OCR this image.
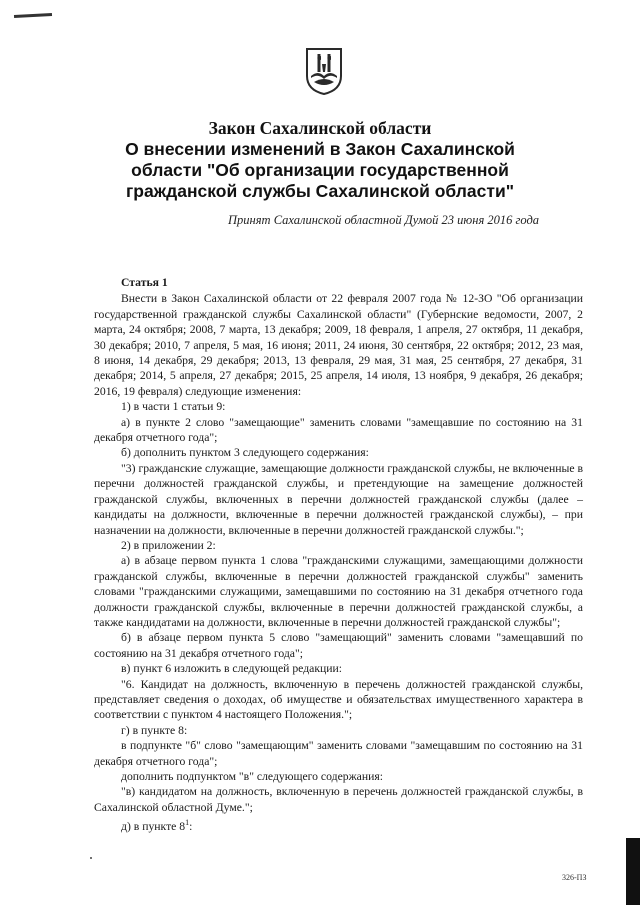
Закон Сахалинской области

О внесении изменений в Закон Сахалинской

области "Об организации государственной

гражданской службы Сахалинской области"

Принят Сахалинской областной Думой 23 июня 2016 года
Статья 1

Внести в Закон Сахалинской области от 22 февраля 2007 года № 12-ЗО "Об организации государственной гражданской службы Сахалинской области" (Губернские ведомости, 2007, 2 марта, 24 октября; 2008, 7 марта, 13 декабря; 2009, 18 февраля, 1 апреля, 27 октября, 11 декабря, 30 декабря; 2010, 7 апреля, 5 мая, 16 июня; 2011, 24 июня, 30 сентября, 22 октября; 2012, 23 мая, 8 июня, 14 декабря, 29 декабря; 2013, 13 февраля, 29 мая, 31 мая, 25 сентября, 27 декабря, 31 декабря; 2014, 5 апреля, 27 декабря; 2015, 25 апреля, 14 июля, 13 ноября, 9 декабря, 26 декабря; 2016, 19 февраля) следующие изменения:

1) в части 1 статьи 9:

а) в пункте 2 слово "замещающие" заменить словами "замещавшие по состоянию на 31 декабря отчетного года";

б) дополнить пунктом 3 следующего содержания:

"3) гражданские служащие, замещающие должности гражданской службы, не включенные в перечни должностей гражданской службы, и претендующие на замещение должностей гражданской службы, включенных в перечни должностей гражданской службы (далее – кандидаты на должности, включенные в перечни должностей гражданской службы), – при назначении на должности, включенные в перечни должностей гражданской службы.";

2) в приложении 2:

а) в абзаце первом пункта 1 слова "гражданскими служащими, замещающими должности гражданской службы, включенные в перечни должностей гражданской службы" заменить словами "гражданскими служащими, замещавшими по состоянию на 31 декабря отчетного года должности гражданской службы, включенные в перечни должностей гражданской службы, а также кандидатами на должности, включенные в перечни должностей гражданской службы";

б) в абзаце первом пункта 5 слово "замещающий" заменить словами "замещавший по состоянию на 31 декабря отчетного года";

в) пункт 6 изложить в следующей редакции:

"6. Кандидат на должность, включенную в перечень должностей гражданской службы, представляет сведения о доходах, об имуществе и обязательствах имущественного характера в соответствии с пунктом 4 настоящего Положения.";

г) в пункте 8:

в подпункте "б" слово "замещающим" заменить словами "замещавшим по состоянию на 31 декабря отчетного года";

дополнить подпунктом "в" следующего содержания:

"в) кандидатом на должность, включенную в перечень должностей гражданской службы, в Сахалинской областной Думе.";

д) в пункте $8^1$:

326-ПЗ
